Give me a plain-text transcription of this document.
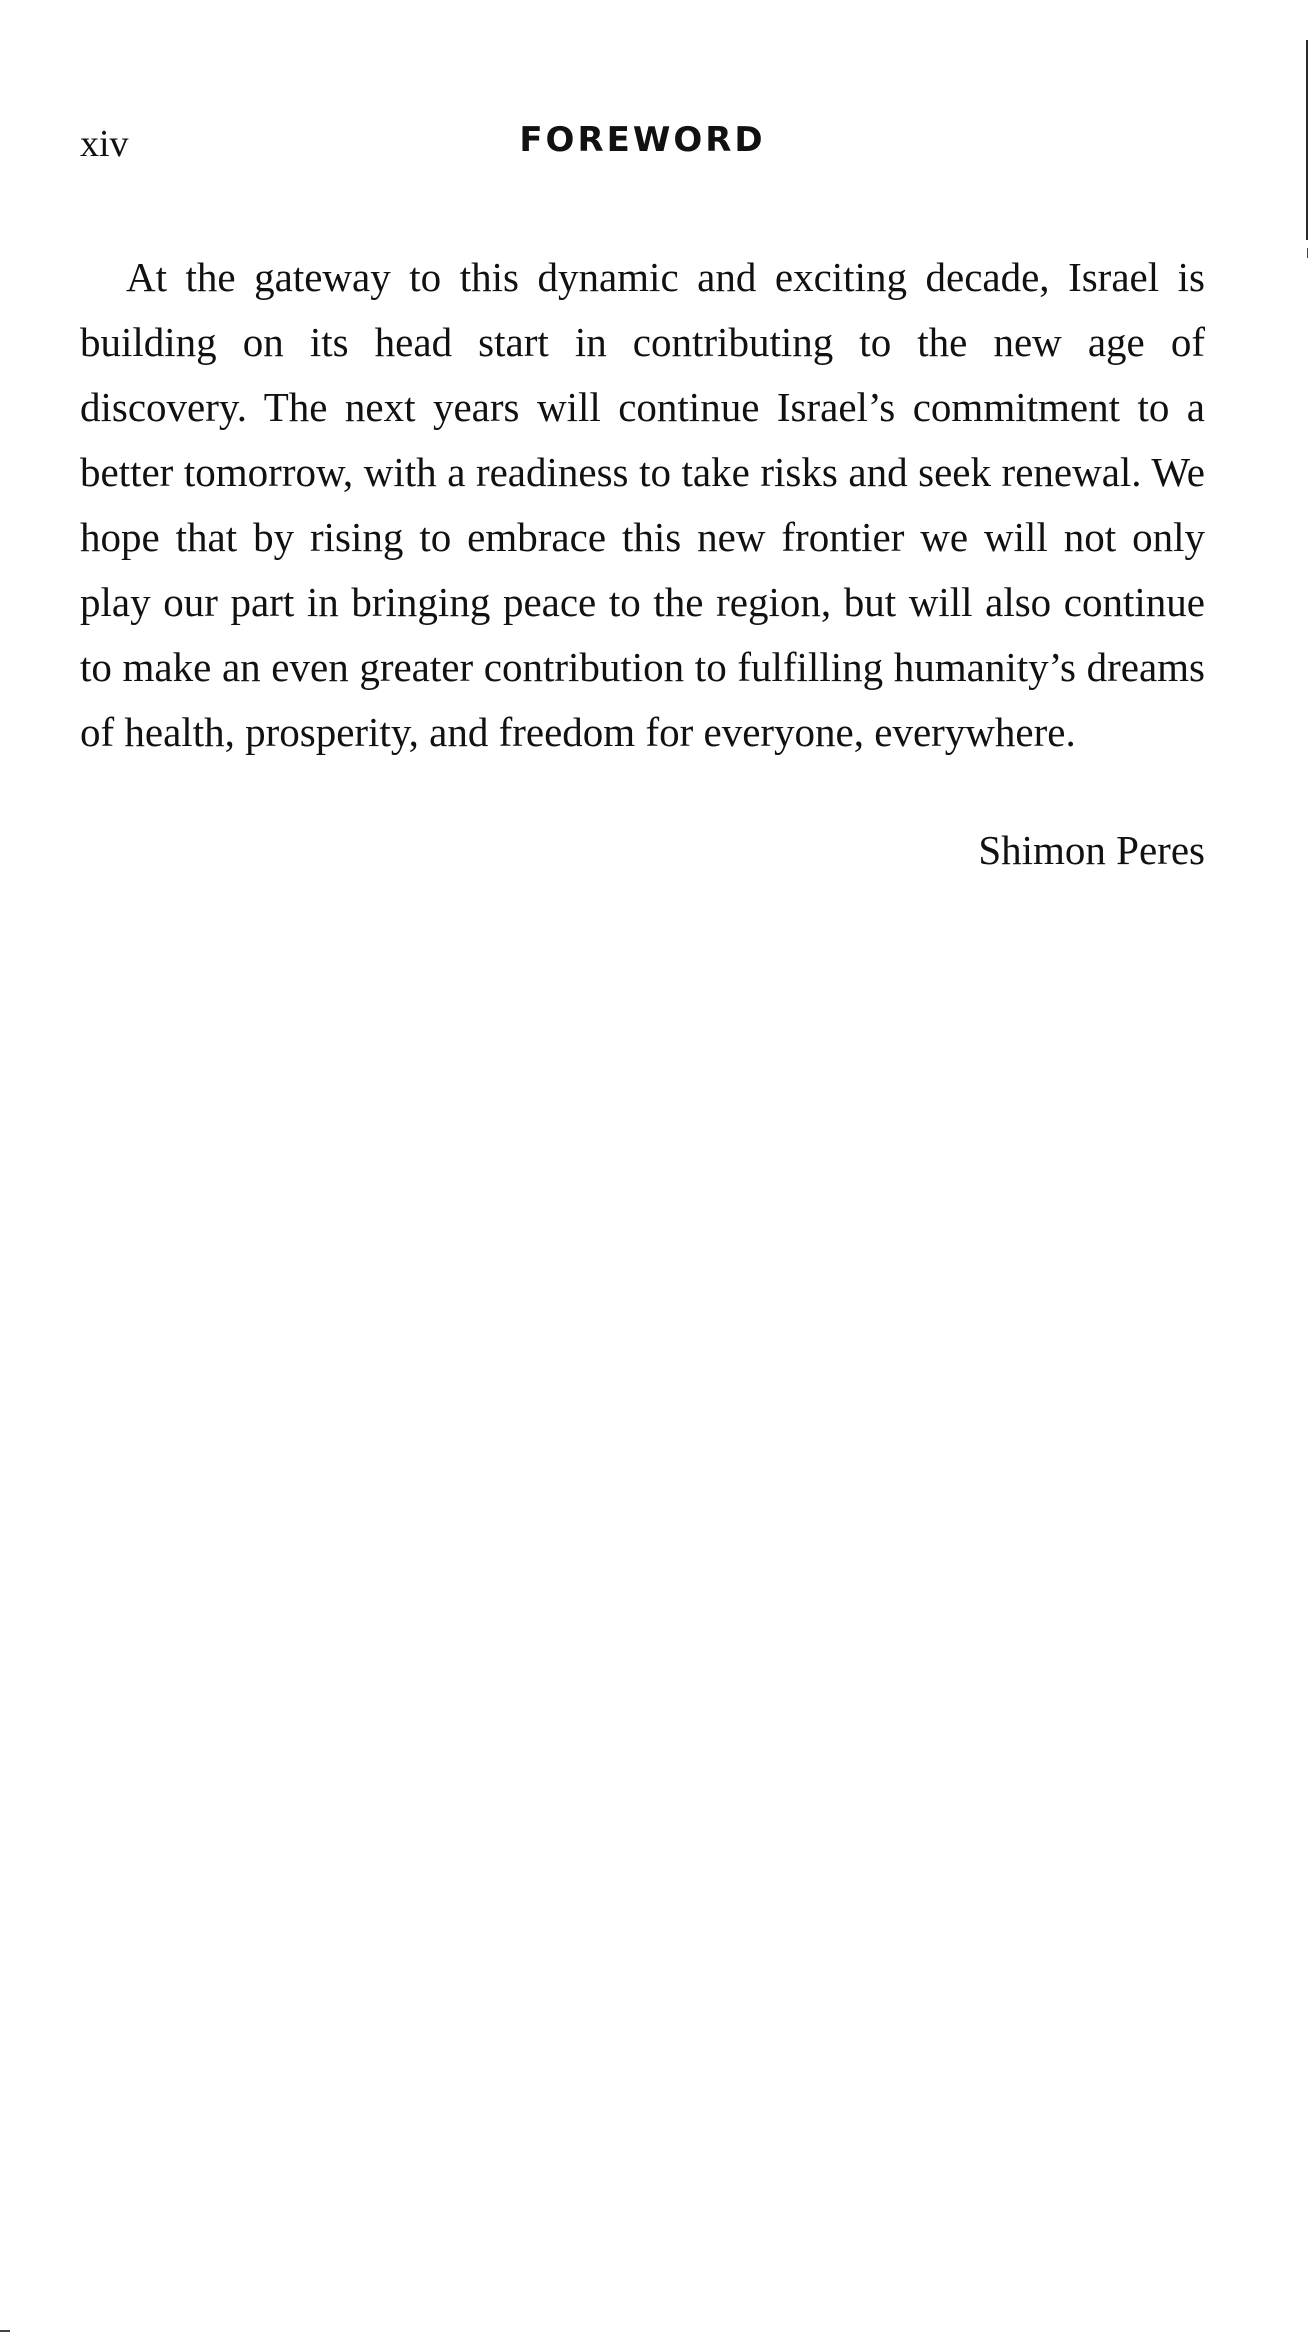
xiv	FOREWORD

At the gateway to this dynamic and exciting decade, Israel is building on its head start in contributing to the new age of discovery. The next years will continue Israel’s commitment to a better tomorrow, with a readiness to take risks and seek renewal. We hope that by rising to embrace this new frontier we will not only play our part in bringing peace to the region, but will also continue to make an even greater contribution to fulfilling humanity’s dreams of health, prosperity, and freedom for everyone, everywhere.

Shimon Peres
